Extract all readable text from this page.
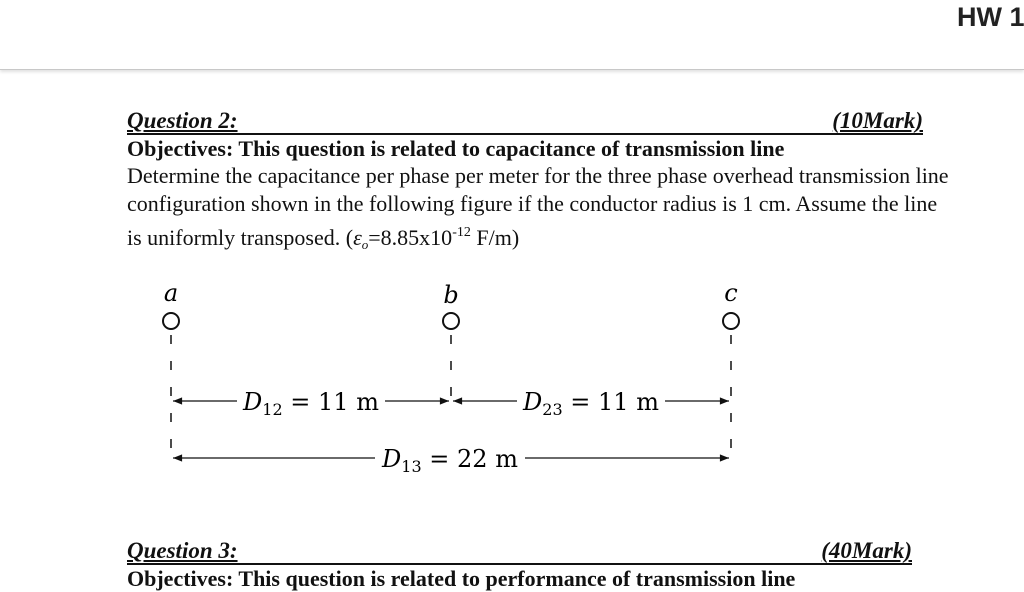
HW 1
Question 2:	(10Mark)
Objectives: This question is related to capacitance of transmission line
Determine the capacitance per phase per meter for the three phase overhead transmission line
configuration shown in the following figure if the conductor radius is 1 cm. Assume the line
is uniformly transposed. ($\varepsilon_o=8.85x10^{-12}$ F/m)
a	b	c
$D_{12} = 11$ m	$D_{23} = 11$ m
$D_{13} = 22$ m
Question 3:	(40Mark)
Objectives: This question is related to performance of transmission line
